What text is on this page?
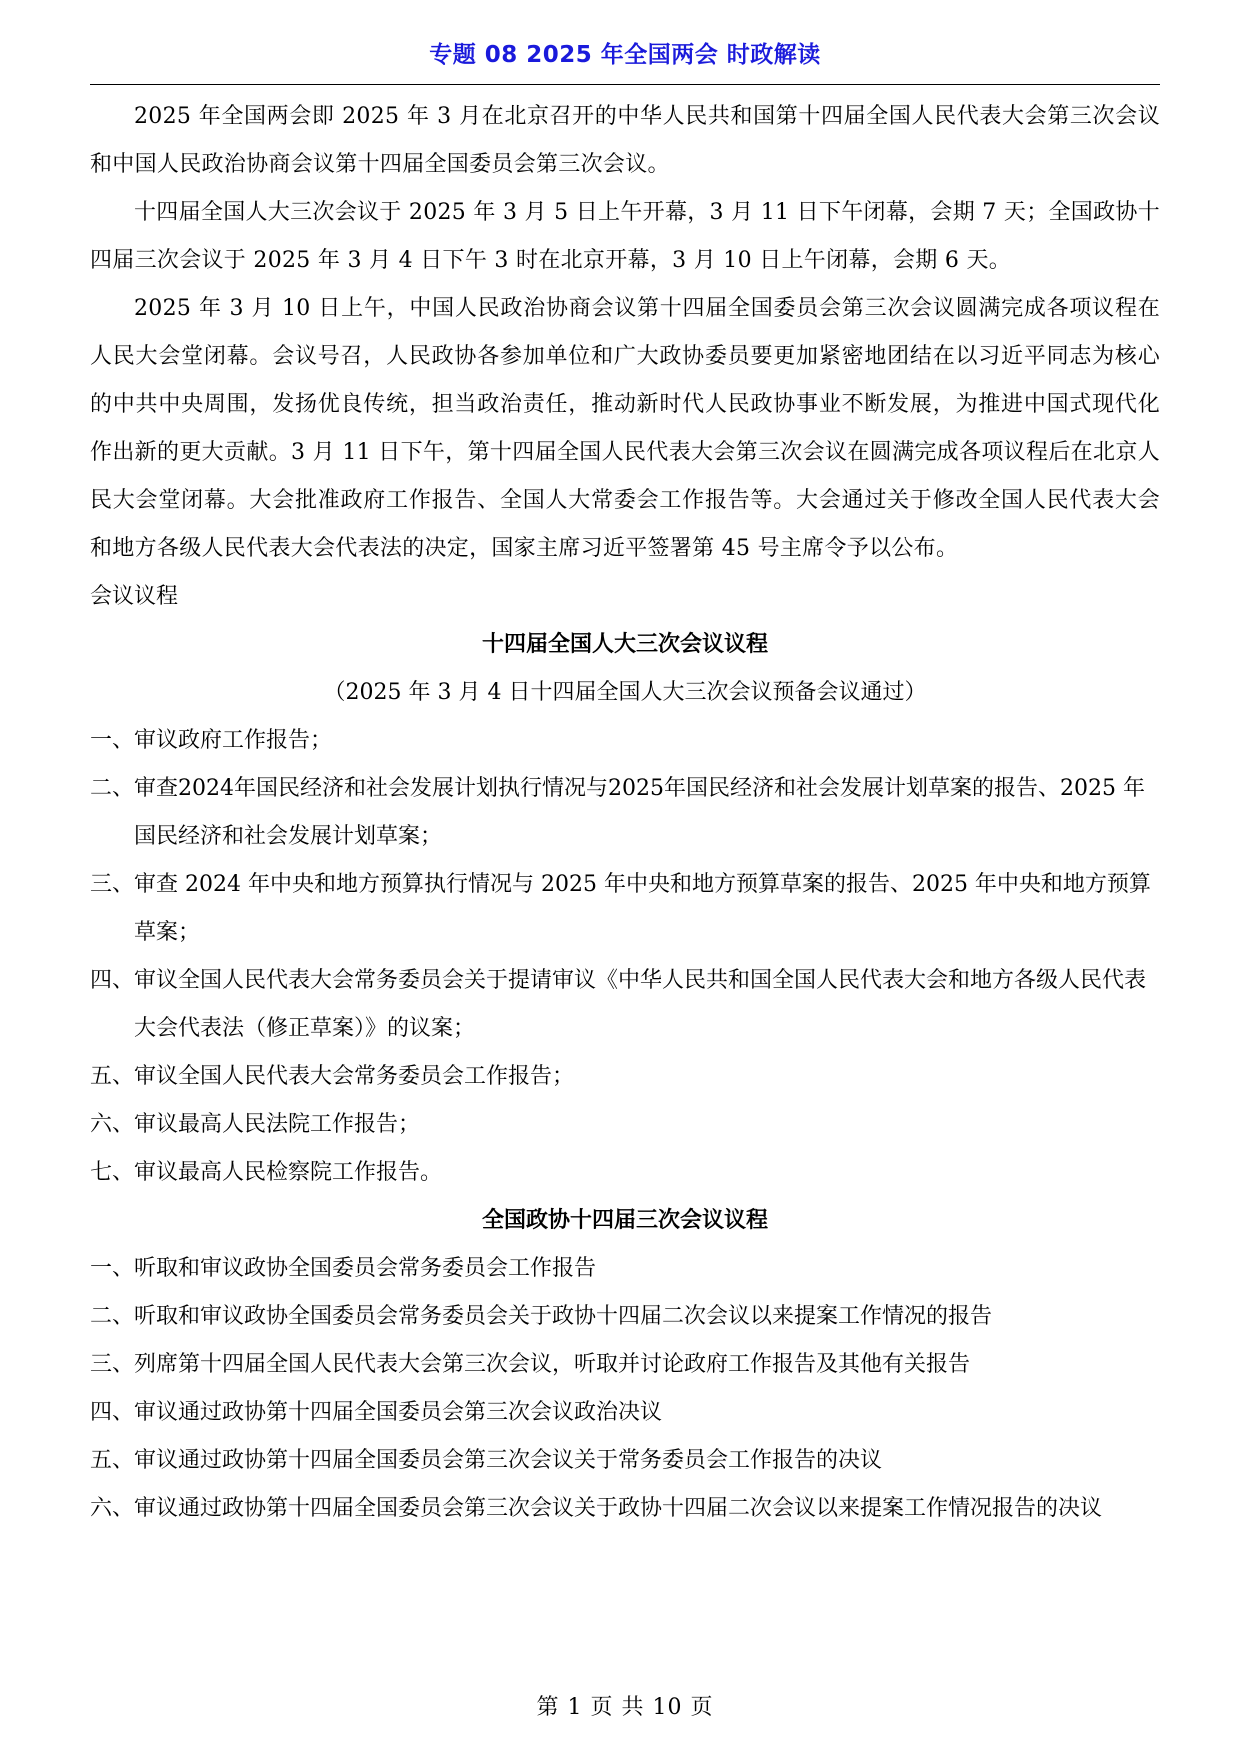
专题 08 2025 年全国两会 时政解读

2025 年全国两会即 2025 年 3 月在北京召开的中华人民共和国第十四届全国人民代表大会第三次会议和中国人民政治协商会议第十四届全国委员会第三次会议。

十四届全国人大三次会议于 2025 年 3 月 5 日上午开幕，3 月 11 日下午闭幕，会期 7 天；全国政协十四届三次会议于 2025 年 3 月 4 日下午 3 时在北京开幕，3 月 10 日上午闭幕，会期 6 天。

2025 年 3 月 10 日上午，中国人民政治协商会议第十四届全国委员会第三次会议圆满完成各项议程在人民大会堂闭幕。会议号召，人民政协各参加单位和广大政协委员要更加紧密地团结在以习近平同志为核心的中共中央周围，发扬优良传统，担当政治责任，推动新时代人民政协事业不断发展，为推进中国式现代化作出新的更大贡献。3 月 11 日下午，第十四届全国人民代表大会第三次会议在圆满完成各项议程后在北京人民大会堂闭幕。大会批准政府工作报告、全国人大常委会工作报告等。大会通过关于修改全国人民代表大会和地方各级人民代表大会代表法的决定，国家主席习近平签署第 45 号主席令予以公布。

会议议程

十四届全国人大三次会议议程

（2025 年 3 月 4 日十四届全国人大三次会议预备会议通过）

一、审议政府工作报告；

二、审查2024年国民经济和社会发展计划执行情况与2025年国民经济和社会发展计划草案的报告、2025 年国民经济和社会发展计划草案；

三、审查 2024 年中央和地方预算执行情况与 2025 年中央和地方预算草案的报告、2025 年中央和地方预算草案；

四、审议全国人民代表大会常务委员会关于提请审议《中华人民共和国全国人民代表大会和地方各级人民代表大会代表法（修正草案）》的议案；

五、审议全国人民代表大会常务委员会工作报告；

六、审议最高人民法院工作报告；

七、审议最高人民检察院工作报告。

全国政协十四届三次会议议程

一、听取和审议政协全国委员会常务委员会工作报告

二、听取和审议政协全国委员会常务委员会关于政协十四届二次会议以来提案工作情况的报告

三、列席第十四届全国人民代表大会第三次会议，听取并讨论政府工作报告及其他有关报告

四、审议通过政协第十四届全国委员会第三次会议政治决议

五、审议通过政协第十四届全国委员会第三次会议关于常务委员会工作报告的决议

六、审议通过政协第十四届全国委员会第三次会议关于政协十四届二次会议以来提案工作情况报告的决议

第 1 页 共 10 页
